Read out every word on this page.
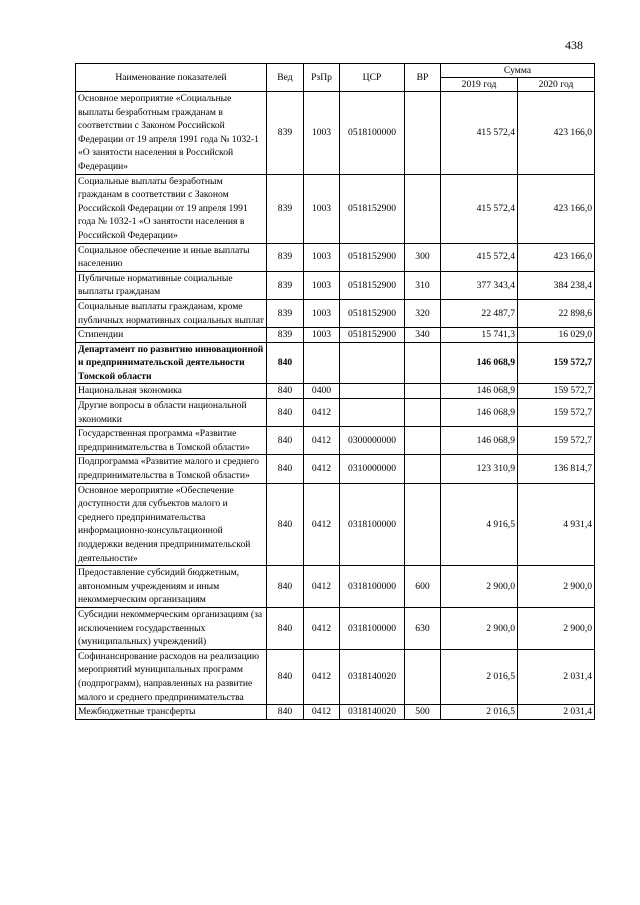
438
Наименование показателей	Вед	РзПр	ЦСР	ВР	Сумма	
					2019 год	2020 год
Основное мероприятие «Социальные выплаты безработным гражданам в соответствии с Законом Российской Федерации от 19 апреля 1991 года № 1032-1 «О занятости населения в Российской Федерации»	839	1003	0518100000		415 572,4	423 166,0
Социальные выплаты безработным гражданам в соответствии с Законом Российской Федерации от 19 апреля 1991 года № 1032-1 «О занятости населения в Российской Федерации»	839	1003	0518152900		415 572,4	423 166,0
Социальное обеспечение и иные выплаты населению	839	1003	0518152900	300	415 572,4	423 166,0
Публичные нормативные социальные выплаты гражданам	839	1003	0518152900	310	377 343,4	384 238,4
Социальные выплаты гражданам, кроме публичных нормативных социальных выплат	839	1003	0518152900	320	22 487,7	22 898,6
Стипендии	839	1003	0518152900	340	15 741,3	16 029,0
Департамент по развитию инновационной и предпринимательской деятельности Томской области	840				146 068,9	159 572,7
Национальная экономика	840	0400			146 068,9	159 572,7
Другие вопросы в области национальной экономики	840	0412			146 068,9	159 572,7
Государственная программа «Развитие предпринимательства в Томской области»	840	0412	0300000000		146 068,9	159 572,7
Подпрограмма «Развитие малого и среднего предпринимательства в Томской области»	840	0412	0310000000		123 310,9	136 814,7
Основное мероприятие «Обеспечение доступности для субъектов малого и среднего предпринимательства информационно-консультационной поддержки ведения предпринимательской деятельности»	840	0412	0318100000		4 916,5	4 931,4
Предоставление субсидий бюджетным, автономным учреждениям и иным некоммерческим организациям	840	0412	0318100000	600	2 900,0	2 900,0
Субсидии некоммерческим организациям (за исключением государственных (муниципальных) учреждений)	840	0412	0318100000	630	2 900,0	2 900,0
Софинансирование расходов на реализацию мероприятий муниципальных программ (подпрограмм), направленных на развитие малого и среднего предпринимательства	840	0412	0318140020		2 016,5	2 031,4
Межбюджетные трансферты	840	0412	0318140020	500	2 016,5	2 031,4
